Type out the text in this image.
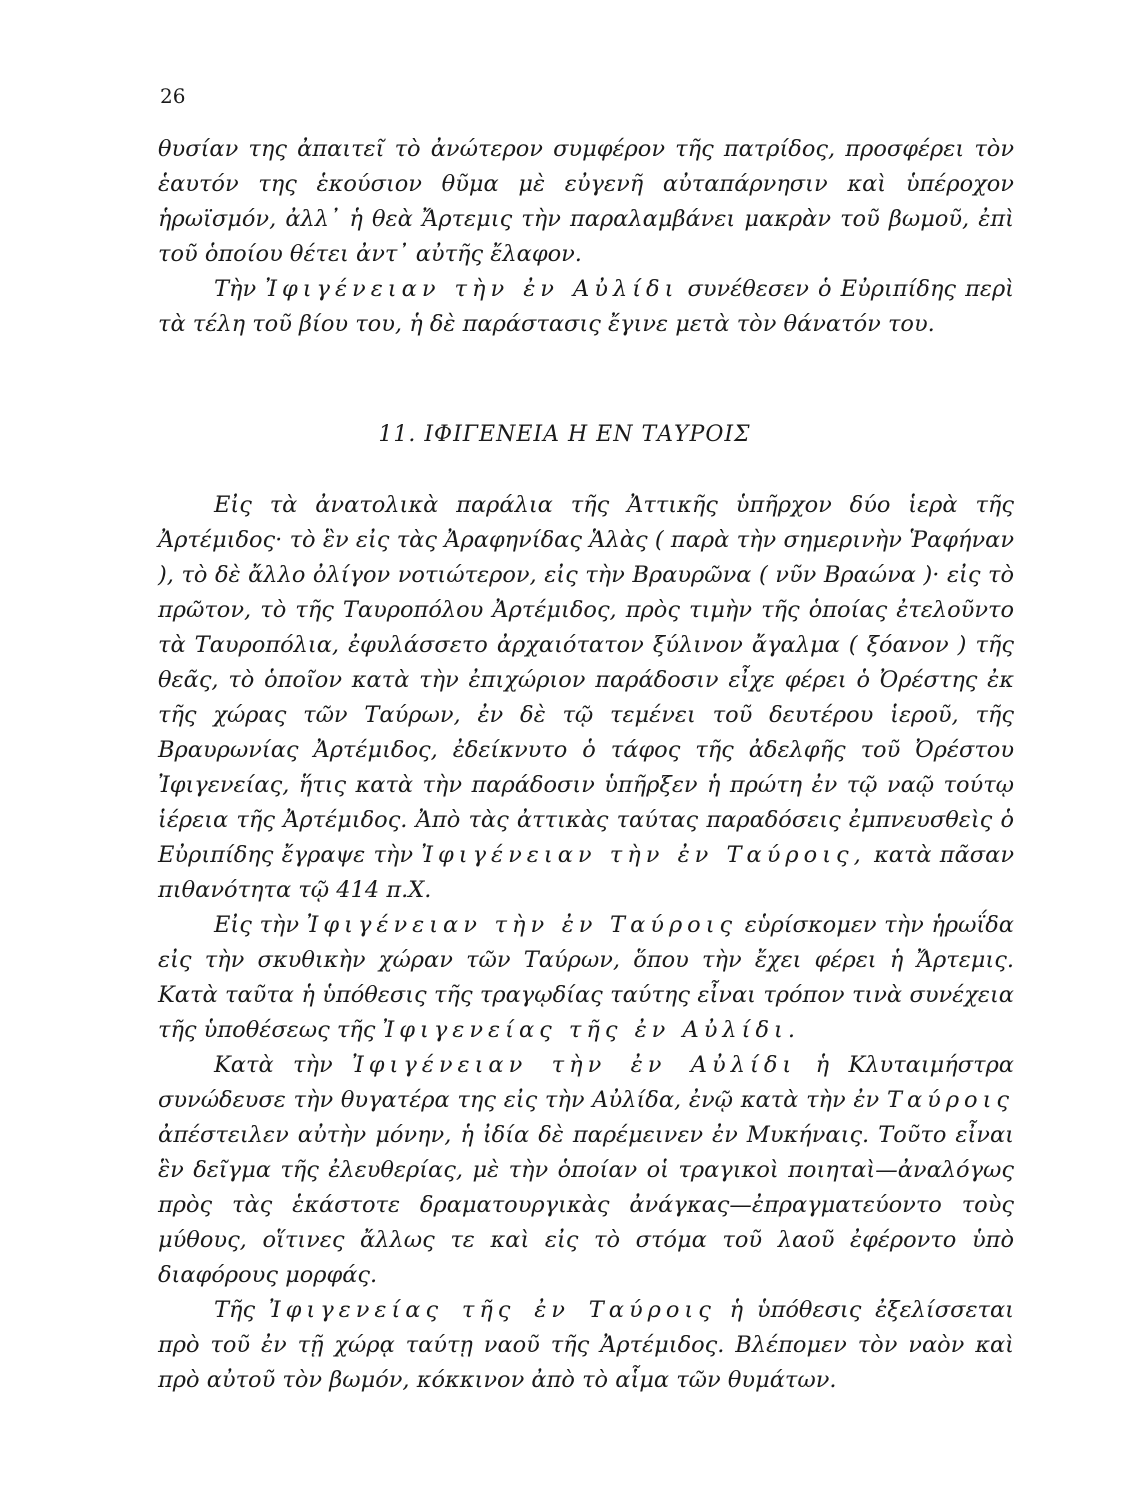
26

θυσίαν της ἀπαιτεῖ τὸ ἀνώτερον συμφέρον τῆς πατρίδος, προσφέρει τὸν ἑαυτόν της ἑκούσιον θῦμα μὲ εὐγενῆ αὐταπάρνησιν καὶ ὑπέροχον ἡρωϊσμόν, ἀλλ᾽ ἡ θεὰ Ἄρτεμις τὴν παραλαμβάνει μακρὰν τοῦ βωμοῦ, ἐπὶ τοῦ ὁποίου θέτει ἀντ᾽ αὐτῆς ἔλαφον.

Τὴν Ἰφιγένειαν τὴν ἐν Αὐλίδι συνέθεσεν ὁ Εὐριπίδης περὶ τὰ τέλη τοῦ βίου του, ἡ δὲ παράστασις ἔγινε μετὰ τὸν θάνατόν του.

11. ΙΦΙΓΕΝΕΙΑ Η ΕΝ ΤΑΥΡΟΙΣ

Εἰς τὰ ἀνατολικὰ παράλια τῆς Ἀττικῆς ὑπῆρχον δύο ἱερὰ τῆς Ἀρτέμιδος· τὸ ἓν εἰς τὰς Ἀραφηνίδας Ἁλὰς ( παρὰ τὴν σημερινὴν Ῥαφήναν ), τὸ δὲ ἄλλο ὀλίγον νοτιώτερον, εἰς τὴν Βραυρῶνα ( νῦν Βραώνα )· εἰς τὸ πρῶτον, τὸ τῆς Ταυροπόλου Ἀρτέμιδος, πρὸς τιμὴν τῆς ὁποίας ἐτελοῦντο τὰ Ταυροπόλια, ἐφυλάσσετο ἀρχαιότατον ξύλινον ἄγαλμα ( ξόανον ) τῆς θεᾶς, τὸ ὁποῖον κατὰ τὴν ἐπιχώριον παράδοσιν εἶχε φέρει ὁ Ὀρέστης ἐκ τῆς χώρας τῶν Ταύρων, ἐν δὲ τῷ τεμένει τοῦ δευτέρου ἱεροῦ, τῆς Βραυρωνίας Ἀρτέμιδος, ἐδείκνυτο ὁ τάφος τῆς ἀδελφῆς τοῦ Ὀρέστου Ἰφιγενείας, ἥτις κατὰ τὴν παράδοσιν ὑπῆρξεν ἡ πρώτη ἐν τῷ ναῷ τούτῳ ἱέρεια τῆς Ἀρτέμιδος. Ἀπὸ τὰς ἀττικὰς ταύτας παραδόσεις ἐμπνευσθεὶς ὁ Εὐριπίδης ἔγραψε τὴν Ἰφιγένειαν τὴν ἐν Ταύροις, κατὰ πᾶσαν πιθανότητα τῷ 414 π.Χ.

Εἰς τὴν Ἰφιγένειαν τὴν ἐν Ταύροις εὑρίσκομεν τὴν ἡρωΐδα εἰς τὴν σκυθικὴν χώραν τῶν Ταύρων, ὅπου τὴν ἔχει φέρει ἡ Ἄρτεμις. Κατὰ ταῦτα ἡ ὑπόθεσις τῆς τραγῳδίας ταύτης εἶναι τρόπον τινὰ συνέχεια τῆς ὑποθέσεως τῆς Ἰφιγενείας τῆς ἐν Αὐλίδι.

Κατὰ τὴν Ἰφιγένειαν τὴν ἐν Αὐλίδι ἡ Κλυταιμήστρα συνώδευσε τὴν θυγατέρα της εἰς τὴν Αὐλίδα, ἐνῷ κατὰ τὴν ἐν Ταύροις ἀπέστειλεν αὐτὴν μόνην, ἡ ἰδία δὲ παρέμεινεν ἐν Μυκήναις. Τοῦτο εἶναι ἓν δεῖγμα τῆς ἐλευθερίας, μὲ τὴν ὁποίαν οἱ τραγικοὶ ποιηταὶ—ἀναλόγως πρὸς τὰς ἑκάστοτε δραματουργικὰς ἀνάγκας—ἐπραγματεύοντο τοὺς μύθους, οἵτινες ἄλλως τε καὶ εἰς τὸ στόμα τοῦ λαοῦ ἐφέροντο ὑπὸ διαφόρους μορφάς.

Τῆς Ἰφιγενείας τῆς ἐν Ταύροις ἡ ὑπόθεσις ἐξελίσσεται πρὸ τοῦ ἐν τῇ χώρᾳ ταύτῃ ναοῦ τῆς Ἀρτέμιδος. Βλέπομεν τὸν ναὸν καὶ πρὸ αὐτοῦ τὸν βωμόν, κόκκινον ἀπὸ τὸ αἷμα τῶν θυμάτων.
